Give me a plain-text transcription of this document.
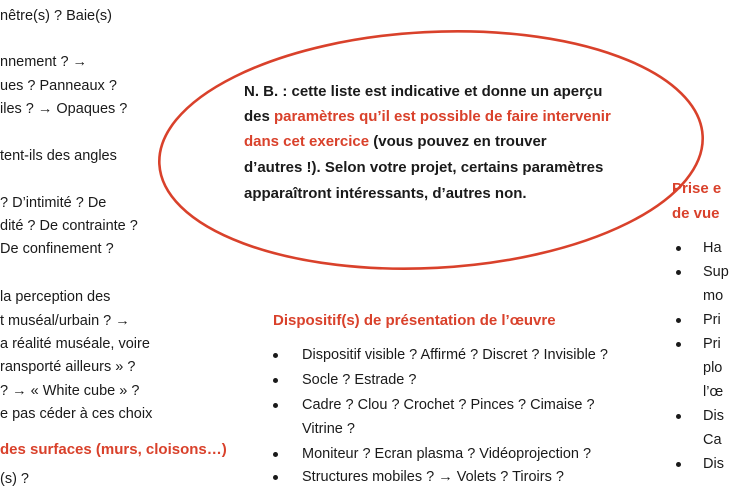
nêtre(s) ? Baie(s)
nnement ? →
ues ? Panneaux ?
iles ? → Opaques ?
tent-ils des angles
? D’intimité ? De
dité ? De contrainte ?
De confinement ?
la perception des
t muséal/urbain ? →
a réalité muséale, voire
ransporté ailleurs » ?
? → « White cube » ?
e pas céder à ces choix
des surfaces (murs, cloisons…)
(s) ?
N. B. : cette liste est indicative et donne un aperçu
des paramètres qu’il est possible de faire intervenir
dans cet exercice (vous pouvez en trouver
d’autres !). Selon votre projet, certains paramètres
apparaîtront intéressants, d’autres non.
Dispositif(s) de présentation de l’œuvre
Dispositif visible ? Affirmé ? Discret ? Invisible ?
Socle ? Estrade ?
Cadre ? Clou ? Crochet ? Pinces ? Cimaise ?
Vitrine ?
Moniteur ? Ecran plasma ? Vidéoprojection ?
Structures mobiles ? → Volets ? Tiroirs ?
Prise e
de vue
Ha
Sup
mo
Pri
Pri
plo
l’œ
Dis
Ca
Dis
